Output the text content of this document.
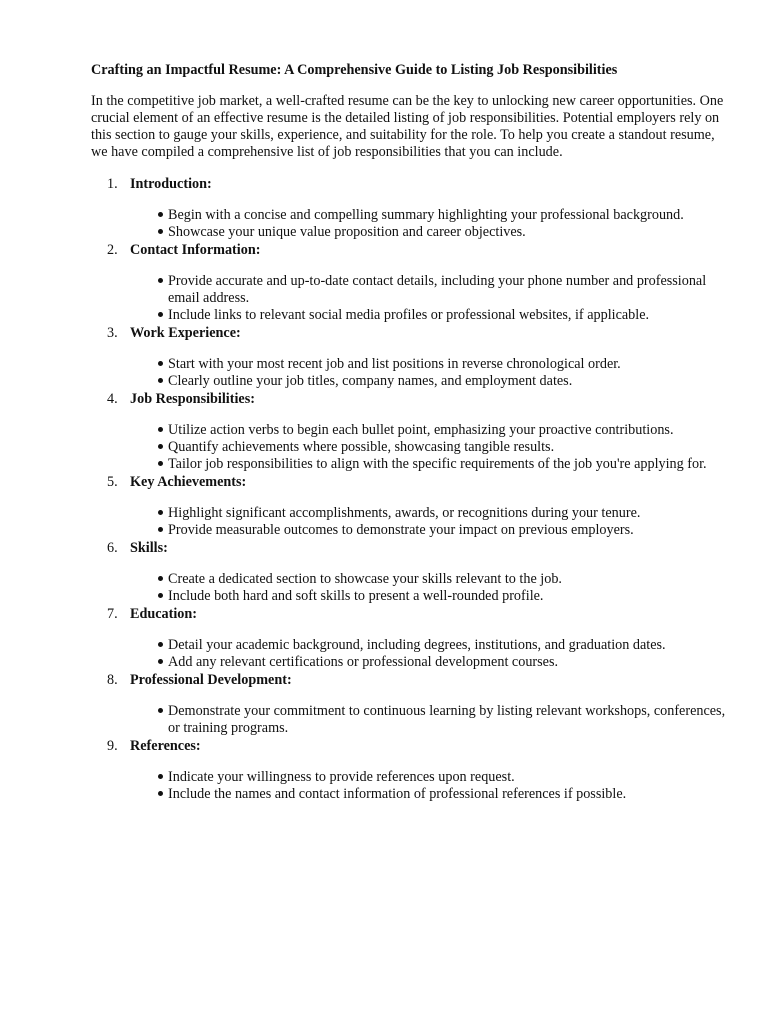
Crafting an Impactful Resume: A Comprehensive Guide to Listing Job Responsibilities

In the competitive job market, a well-crafted resume can be the key to unlocking new career opportunities. One crucial element of an effective resume is the detailed listing of job responsibilities. Potential employers rely on this section to gauge your skills, experience, and suitability for the role. To help you create a standout resume, we have compiled a comprehensive list of job responsibilities that you can include.

1. Introduction:
Begin with a concise and compelling summary highlighting your professional background.
Showcase your unique value proposition and career objectives.
2. Contact Information:
Provide accurate and up-to-date contact details, including your phone number and professional email address.
Include links to relevant social media profiles or professional websites, if applicable.
3. Work Experience:
Start with your most recent job and list positions in reverse chronological order.
Clearly outline your job titles, company names, and employment dates.
4. Job Responsibilities:
Utilize action verbs to begin each bullet point, emphasizing your proactive contributions.
Quantify achievements where possible, showcasing tangible results.
Tailor job responsibilities to align with the specific requirements of the job you're applying for.
5. Key Achievements:
Highlight significant accomplishments, awards, or recognitions during your tenure.
Provide measurable outcomes to demonstrate your impact on previous employers.
6. Skills:
Create a dedicated section to showcase your skills relevant to the job.
Include both hard and soft skills to present a well-rounded profile.
7. Education:
Detail your academic background, including degrees, institutions, and graduation dates.
Add any relevant certifications or professional development courses.
8. Professional Development:
Demonstrate your commitment to continuous learning by listing relevant workshops, conferences, or training programs.
9. References:
Indicate your willingness to provide references upon request.
Include the names and contact information of professional references if possible.
